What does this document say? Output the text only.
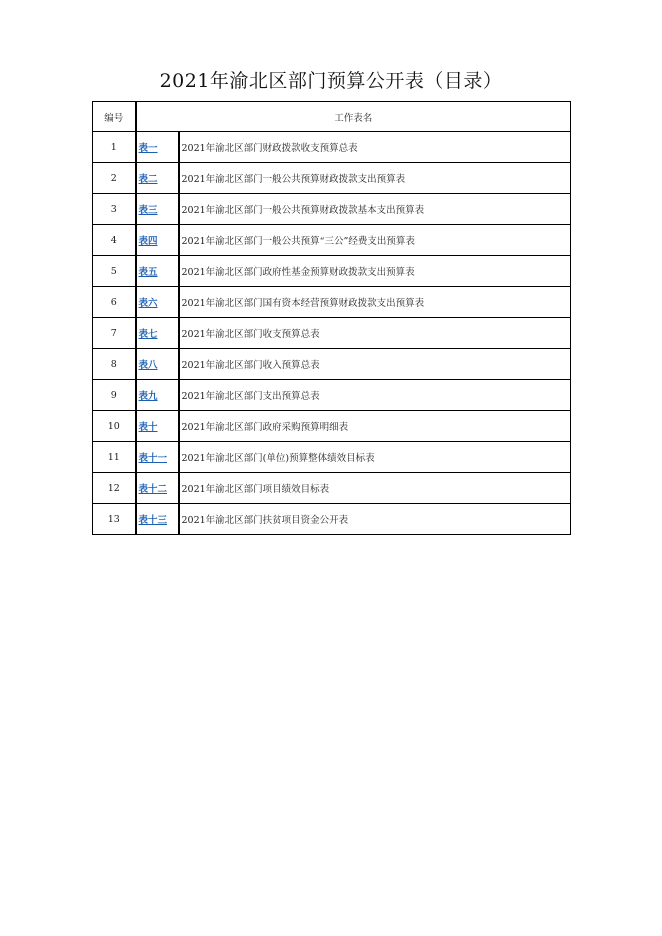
2021年渝北区部门预算公开表（目录）
编号	工作表名	
1	表一	2021年渝北区部门财政拨款收支预算总表
2	表二	2021年渝北区部门一般公共预算财政拨款支出预算表
3	表三	2021年渝北区部门一般公共预算财政拨款基本支出预算表
4	表四	2021年渝北区部门一般公共预算“三公”经费支出预算表
5	表五	2021年渝北区部门政府性基金预算财政拨款支出预算表
6	表六	2021年渝北区部门国有资本经营预算财政拨款支出预算表
7	表七	2021年渝北区部门收支预算总表
8	表八	2021年渝北区部门收入预算总表
9	表九	2021年渝北区部门支出预算总表
10	表十	2021年渝北区部门政府采购预算明细表
11	表十一	2021年渝北区部门(单位)预算整体绩效目标表
12	表十二	2021年渝北区部门项目绩效目标表
13	表十三	2021年渝北区部门扶贫项目资金公开表
